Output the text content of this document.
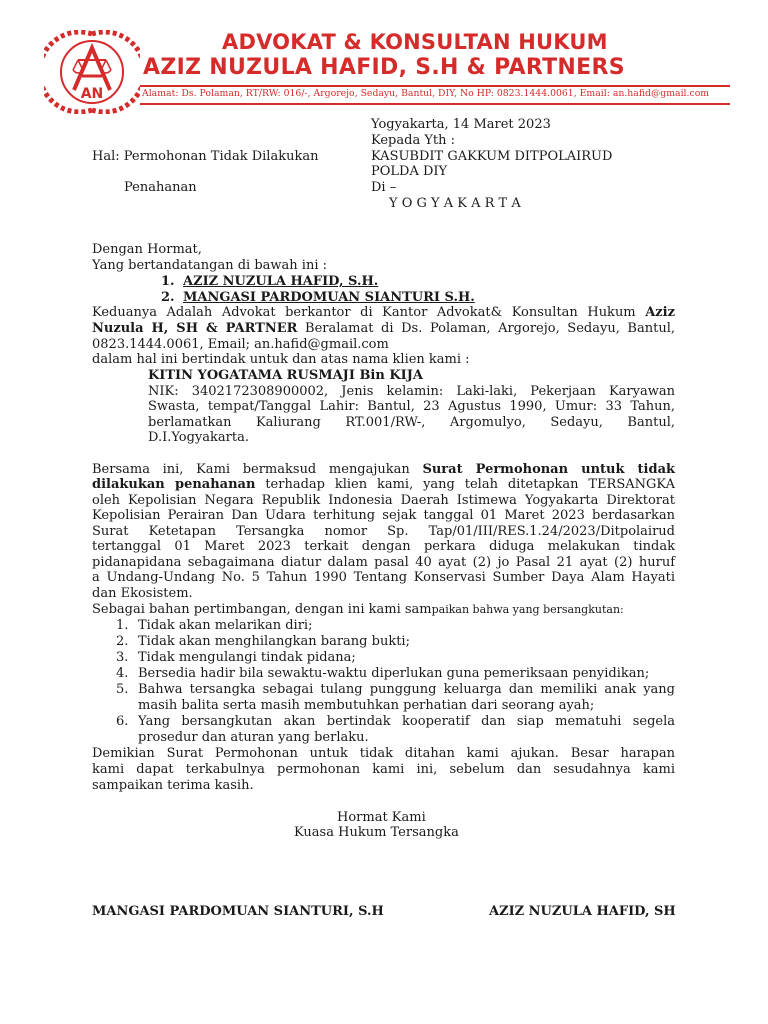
AN
ADVOKAT & KONSULTAN HUKUM
AZIZ NUZULA HAFID, S.H & PARTNERS
Alamat: Ds. Polaman, RT/RW: 016/-, Argorejo, Sedayu, Bantul, DIY, No HP: 0823.1444.0061, Email: an.hafid@gmail.com
Yogyakarta, 14 Maret 2023
Kepada Yth :
Hal: Permohonan Tidak Dilakukan	KASUBDIT GAKKUM DITPOLAIRUD
POLDA DIY
Penahanan	Di –
Y O G Y A K A R T A
Dengan Hormat,
Yang bertandatangan di bawah ini :
1. AZIZ NUZULA HAFID, S.H.
2. MANGASI PARDOMUAN SIANTURI S.H.
Keduanya Adalah Advokat berkantor di Kantor Advokat& Konsultan Hukum Aziz
Nuzula H, SH & PARTNER Beralamat di Ds. Polaman, Argorejo, Sedayu, Bantul,
0823.1444.0061, Email; an.hafid@gmail.com
dalam hal ini bertindak untuk dan atas nama klien kami :
KITIN YOGATAMA RUSMAJI Bin KIJA
NIK: 3402172308900002, Jenis kelamin: Laki-laki, Pekerjaan Karyawan
Swasta, tempat/Tanggal Lahir: Bantul, 23 Agustus 1990, Umur: 33 Tahun,
berlamatkan Kaliurang RT.001/RW-, Argomulyo, Sedayu, Bantul,
D.I.Yogyakarta.
Bersama ini, Kami bermaksud mengajukan Surat Permohonan untuk tidak
dilakukan penahanan terhadap klien kami, yang telah ditetapkan TERSANGKA
oleh Kepolisian Negara Republik Indonesia Daerah Istimewa Yogyakarta Direktorat
Kepolisian Perairan Dan Udara terhitung sejak tanggal 01 Maret 2023 berdasarkan
Surat Ketetapan Tersangka nomor Sp. Tap/01/III/RES.1.24/2023/Ditpolairud
tertanggal 01 Maret 2023 terkait dengan perkara diduga melakukan tindak
pidanapidana sebagaimana diatur dalam pasal 40 ayat (2) jo Pasal 21 ayat (2) huruf
a Undang-Undang No. 5 Tahun 1990 Tentang Konservasi Sumber Daya Alam Hayati
dan Ekosistem.
Sebagai bahan pertimbangan, dengan ini kami sampaikan bahwa yang bersangkutan:
1. Tidak akan melarikan diri;
2. Tidak akan menghilangkan barang bukti;
3. Tidak mengulangi tindak pidana;
4. Bersedia hadir bila sewaktu-waktu diperlukan guna pemeriksaan penyidikan;
5. Bahwa tersangka sebagai tulang punggung keluarga dan memiliki anak yang
masih balita serta masih membutuhkan perhatian dari seorang ayah;
6. Yang bersangkutan akan bertindak kooperatif dan siap mematuhi segela
prosedur dan aturan yang berlaku.
Demikian Surat Permohonan untuk tidak ditahan kami ajukan. Besar harapan
kami dapat terkabulnya permohonan kami ini, sebelum dan sesudahnya kami
sampaikan terima kasih.
Hormat Kami
Kuasa Hukum Tersangka
MANGASI PARDOMUAN SIANTURI, S.H	AZIZ NUZULA HAFID, SH
